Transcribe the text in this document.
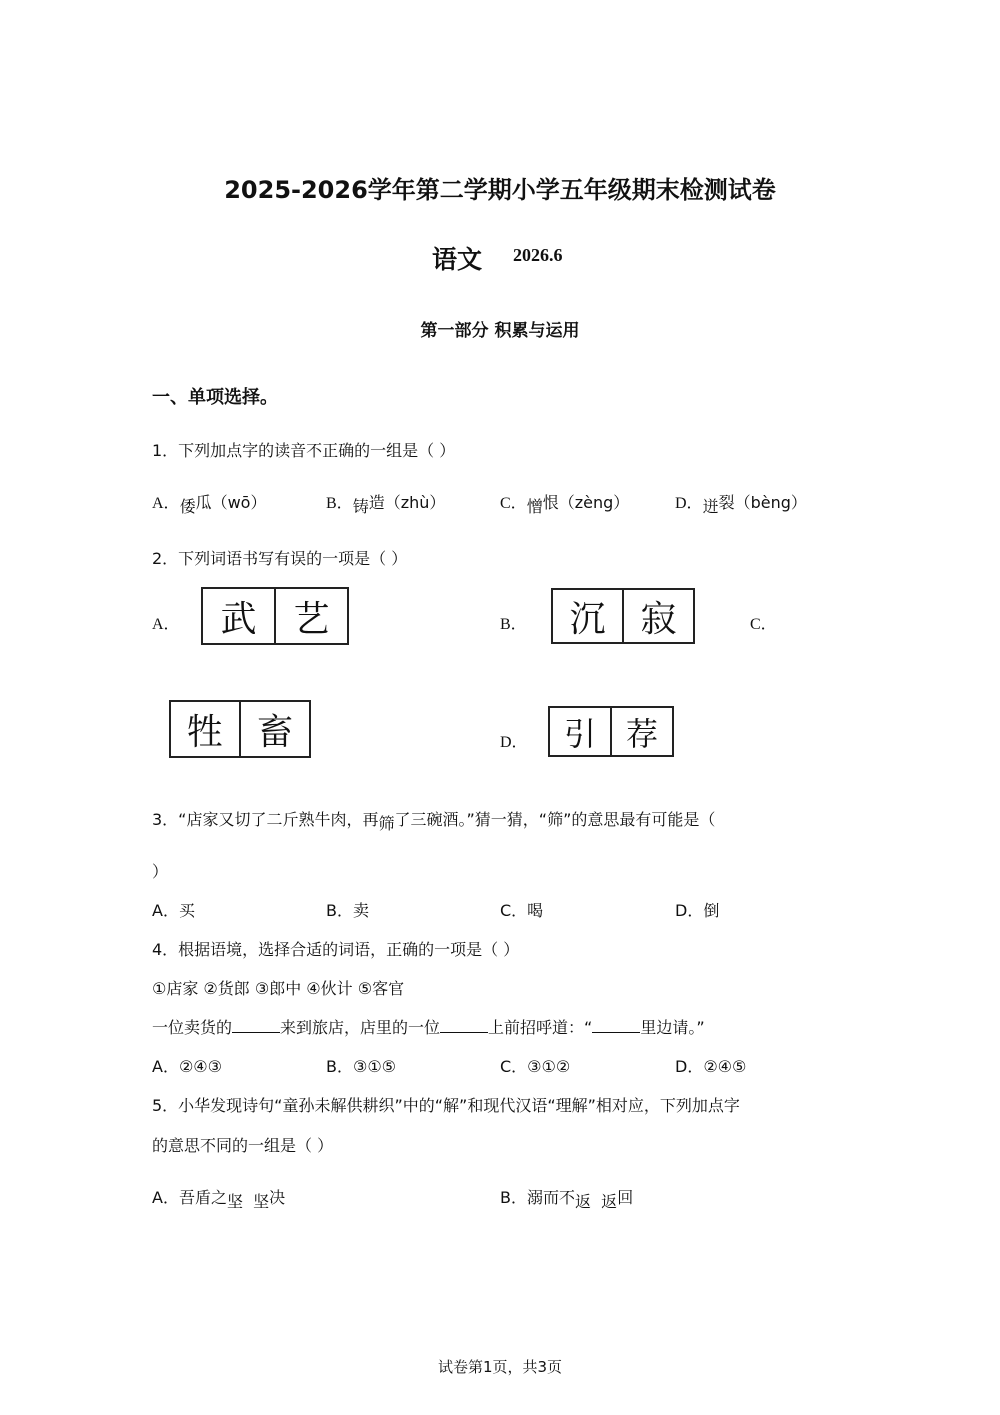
2025-2026学年第二学期小学五年级期末检测试卷
语文 2026.6
第一部分 积累与运用
一、单项选择。
1．下列加点字的读音不正确的一组是（ ）
A．倭瓜（wō）	B．铸造（zhù）	C．憎恨（zèng）	D．迸裂（bèng）
2．下列词语书写有误的一项是（ ）
A．	武	艺	B．	沉 寂	C．
牲 畜	D．	引 荐
3．“店家又切了二斤熟牛肉，再筛了三碗酒。”猜一猜，“筛”的意思最有可能是（
）
A．买	B．卖	C．喝	D．倒
4．根据语境，选择合适的词语，正确的一项是（ ）
①店家 ②货郎 ③郎中 ④伙计 ⑤客官
一位卖货的	来到旅店，店里的一位	上前招呼道：“	里边请。”
A．②④③	B．③①⑤	C．③①②	D．②④⑤
5．小华发现诗句“童孙未解供耕织”中的“解”和现代汉语“理解”相对应，下列加点字
的意思不同的一组是（ ）
A．吾盾之坚 坚决	B．溺而不返 返回
试卷第1页，共3页
